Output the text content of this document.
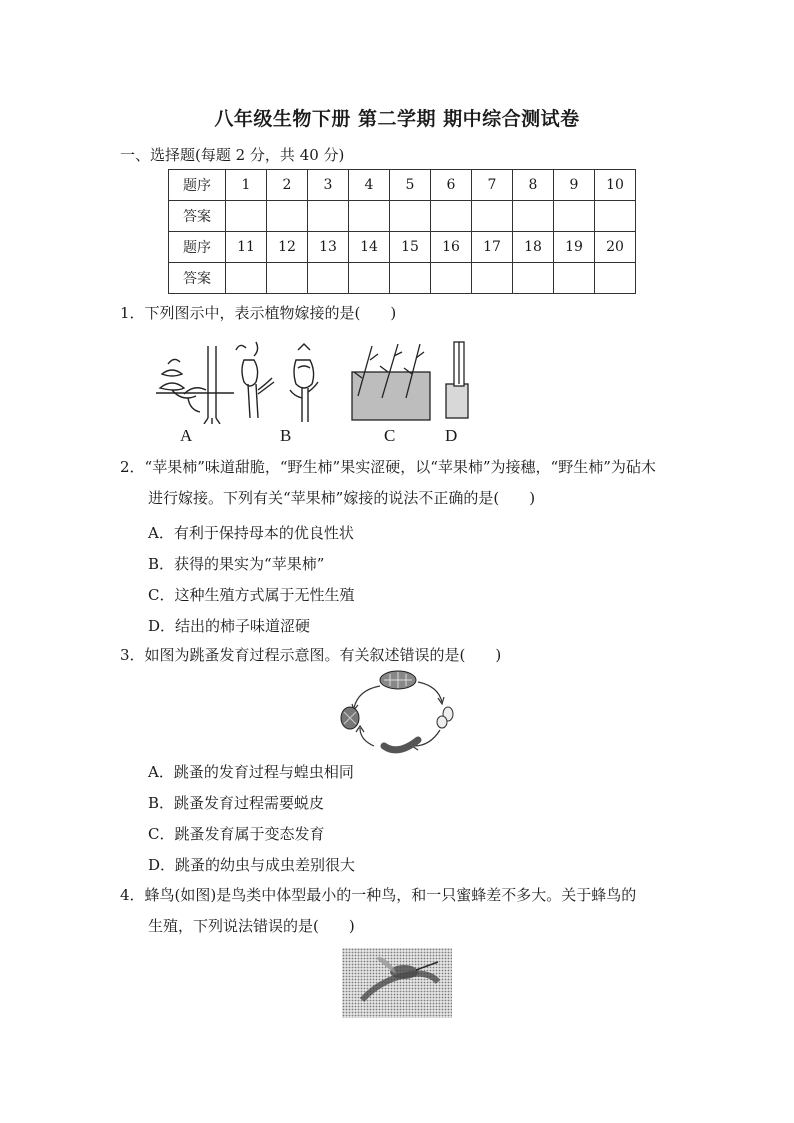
八年级生物下册 第二学期 期中综合测试卷
一、选择题(每题 2 分，共 40 分)
题序	1	2	3	4	5	6	7	8	9	10
答案										
题序	11	12	13	14	15	16	17	18	19	20
答案										
1．下列图示中，表示植物嫁接的是(　　)
A	B	C	D
2．“苹果柿”味道甜脆，“野生柿”果实涩硬，以“苹果柿”为接穗，“野生柿”为砧木
进行嫁接。下列有关“苹果柿”嫁接的说法不正确的是(　　)
A．有利于保持母本的优良性状
B．获得的果实为“苹果柿”
C．这种生殖方式属于无性生殖
D．结出的柿子味道涩硬
3．如图为跳蚤发育过程示意图。有关叙述错误的是(　　)
A．跳蚤的发育过程与蝗虫相同
B．跳蚤发育过程需要蜕皮
C．跳蚤发育属于变态发育
D．跳蚤的幼虫与成虫差别很大
4．蜂鸟(如图)是鸟类中体型最小的一种鸟，和一只蜜蜂差不多大。关于蜂鸟的
生殖，下列说法错误的是(　　)
